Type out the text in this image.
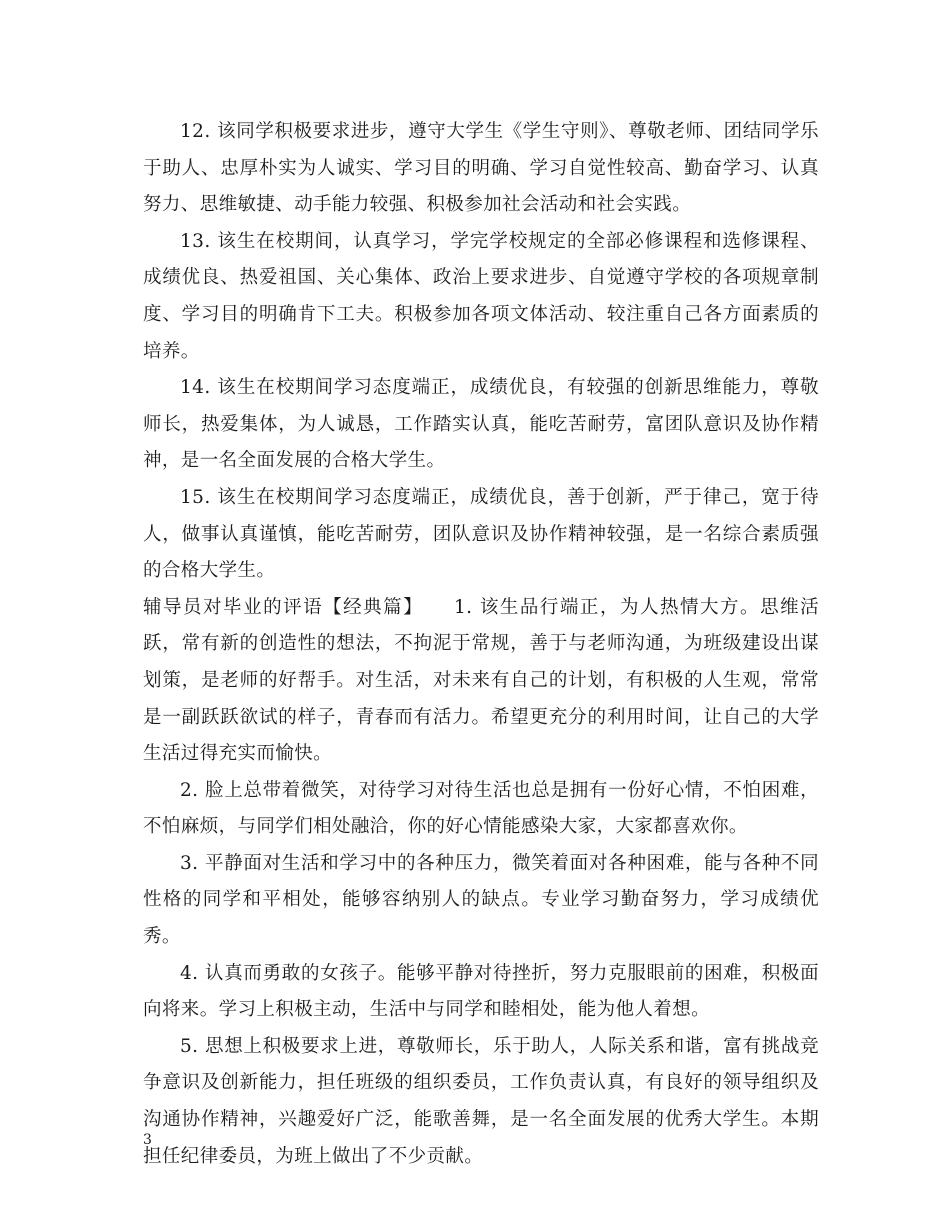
12. 该同学积极要求进步，遵守大学生《学生守则》、尊敬老师、团结同学乐于助人、忠厚朴实为人诚实、学习目的明确、学习自觉性较高、勤奋学习、认真努力、思维敏捷、动手能力较强、积极参加社会活动和社会实践。

13. 该生在校期间，认真学习，学完学校规定的全部必修课程和选修课程、成绩优良、热爱祖国、关心集体、政治上要求进步、自觉遵守学校的各项规章制度、学习目的明确肯下工夫。积极参加各项文体活动、较注重自己各方面素质的培养。

14. 该生在校期间学习态度端正，成绩优良，有较强的创新思维能力，尊敬师长，热爱集体，为人诚恳，工作踏实认真，能吃苦耐劳，富团队意识及协作精神，是一名全面发展的合格大学生。

15. 该生在校期间学习态度端正，成绩优良，善于创新，严于律己，宽于待人，做事认真谨慎，能吃苦耐劳，团队意识及协作精神较强，是一名综合素质强的合格大学生。

辅导员对毕业的评语【经典篇】　　1. 该生品行端正，为人热情大方。思维活跃，常有新的创造性的想法，不拘泥于常规，善于与老师沟通，为班级建设出谋划策，是老师的好帮手。对生活，对未来有自己的计划，有积极的人生观，常常是一副跃跃欲试的样子，青春而有活力。希望更充分的利用时间，让自己的大学生活过得充实而愉快。

2. 脸上总带着微笑，对待学习对待生活也总是拥有一份好心情，不怕困难，不怕麻烦，与同学们相处融洽，你的好心情能感染大家，大家都喜欢你。

3. 平静面对生活和学习中的各种压力，微笑着面对各种困难，能与各种不同性格的同学和平相处，能够容纳别人的缺点。专业学习勤奋努力，学习成绩优秀。

4. 认真而勇敢的女孩子。能够平静对待挫折，努力克服眼前的困难，积极面向将来。学习上积极主动，生活中与同学和睦相处，能为他人着想。

5. 思想上积极要求上进，尊敬师长，乐于助人，人际关系和谐，富有挑战竞争意识及创新能力，担任班级的组织委员，工作负责认真，有良好的领导组织及沟通协作精神，兴趣爱好广泛，能歌善舞，是一名全面发展的优秀大学生。本期担任纪律委员，为班上做出了不少贡献。

3
